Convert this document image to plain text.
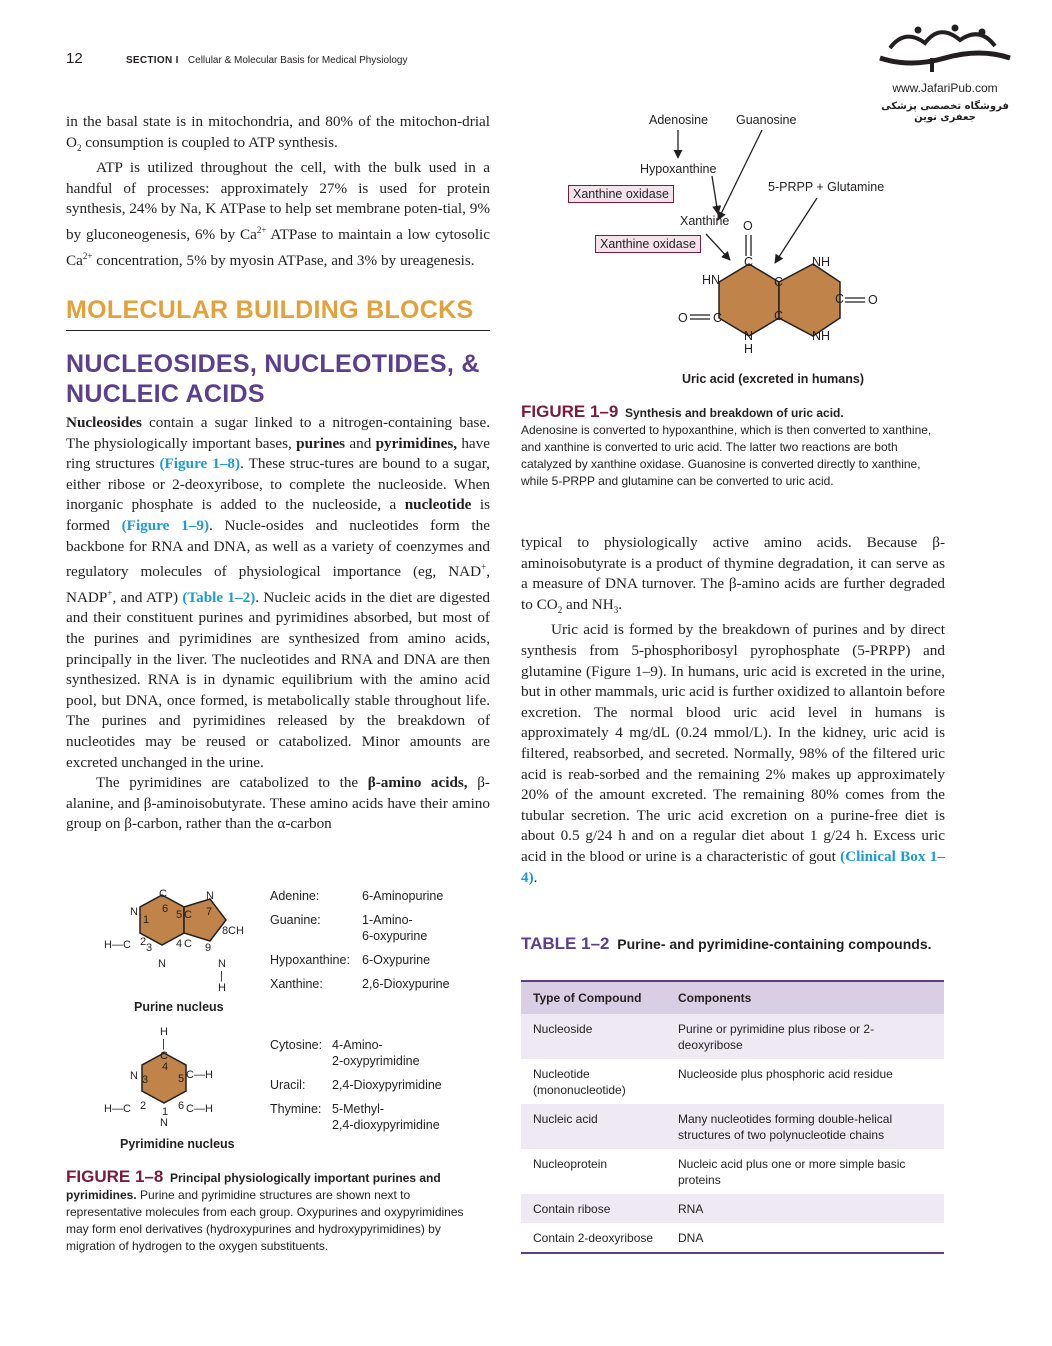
12	SECTION I Cellular & Molecular Basis for Medical Physiology
www.JafariPub.com
فروشگاه تخصصی پزشکی جعفری نوین

in the basal state is in mitochondria, and 80% of the mitochon-drial $O_2$ consumption is coupled to ATP synthesis.

ATP is utilized throughout the cell, with the bulk used in a handful of processes: approximately 27% is used for protein synthesis, 24% by Na, K ATPase to help set membrane poten-tial, 9% by gluconeogenesis, 6% by $Ca^{2+}$ ATPase to maintain a low cytosolic $Ca^{2+}$ concentration, 5% by myosin ATPase, and 3% by ureagenesis.

MOLECULAR BUILDING BLOCKS
NUCLEOSIDES, NUCLEOTIDES, &
NUCLEIC ACIDS

Nucleosides contain a sugar linked to a nitrogen-containing base. The physiologically important bases, purines and pyrimidines, have ring structures (Figure 1–8). These struc-tures are bound to a sugar, either ribose or 2-deoxyribose, to complete the nucleoside. When inorganic phosphate is added to the nucleoside, a nucleotide is formed (Figure 1–9). Nucle-osides and nucleotides form the backbone for RNA and DNA, as well as a variety of coenzymes and regulatory molecules of physiological importance (eg, NAD+, NADP+, and ATP) (Table 1–2). Nucleic acids in the diet are digested and their constituent purines and pyrimidines absorbed, but most of the purines and pyrimidines are synthesized from amino acids, principally in the liver. The nucleotides and RNA and DNA are then synthesized. RNA is in dynamic equilibrium with the amino acid pool, but DNA, once formed, is metabolically stable throughout life. The purines and pyrimidines released by the breakdown of nucleotides may be reused or catabolized. Minor amounts are excreted unchanged in the urine.

The pyrimidines are catabolized to the β-amino acids, β-alanine, and β-aminoisobutyrate. These amino acids have their amino group on β-carbon, rather than the α-carbon

C
N 6 5 C
1
N
7
8 CH
H—C 2 3 4 C 9
N	N
|
H
Purine nucleus
Adenine:	6-Aminopurine
Guanine:	1-Amino-
6-oxypurine
Hypoxanthine: 6-Oxypurine
Xanthine:	2,6-Dioxypurine
H
|
C
4
N 3	5 C—H
H—C 2 1 6 C—H
N
Pyrimidine nucleus
Cytosine: 4-Amino-
2-oxypyrimidine
Uracil:	2,4-Dioxypyrimidine
Thymine: 5-Methyl-
2,4-dioxypyrimidine
FIGURE 1–8 Principal physiologically important purines and pyrimidines. Purine and pyrimidine structures are shown next to representative molecules from each group. Oxypurines and oxypyrimidines may form enol derivatives (hydroxypurines and hydroxypyrimidines) by migration of hydrogen to the oxygen substituents.
O
C
HN	C
NH
C O
O C	C
N
H
NH
Adenosine Guanosine
Hypoxanthine
Xanthine oxidase	5-PRPP + Glutamine
Xanthine
Xanthine oxidase
Uric acid (excreted in humans)
FIGURE 1–9 Synthesis and breakdown of uric acid.
Adenosine is converted to hypoxanthine, which is then converted to xanthine, and xanthine is converted to uric acid. The latter two reactions are both catalyzed by xanthine oxidase. Guanosine is converted directly to xanthine, while 5-PRPP and glutamine can be converted to uric acid.

typical to physiologically active amino acids. Because β-aminoisobutyrate is a product of thymine degradation, it can serve as a measure of DNA turnover. The β-amino acids are further degraded to $CO_2$ and $NH_3$.

Uric acid is formed by the breakdown of purines and by direct synthesis from 5-phosphoribosyl pyrophosphate (5-PRPP) and glutamine (Figure 1–9). In humans, uric acid is excreted in the urine, but in other mammals, uric acid is further oxidized to allantoin before excretion. The normal blood uric acid level in humans is approximately 4 mg/dL (0.24 mmol/L). In the kidney, uric acid is filtered, reabsorbed, and secreted. Normally, 98% of the filtered uric acid is reab-sorbed and the remaining 2% makes up approximately 20% of the amount excreted. The remaining 80% comes from the tubular secretion. The uric acid excretion on a purine-free diet is about 0.5 g/24 h and on a regular diet about 1 g/24 h. Excess uric acid in the blood or urine is a characteristic of gout (Clinical Box 1–4).

TABLE 1–2 Purine- and pyrimidine-containing compounds.
Type of Compound	Components
Nucleoside	Purine or pyrimidine plus ribose or 2-deoxyribose
Nucleotide (mononucleotide)	Nucleoside plus phosphoric acid residue
Nucleic acid	Many nucleotides forming double-helical structures of two polynucleotide chains
Nucleoprotein	Nucleic acid plus one or more simple basic proteins
Contain ribose	RNA
Contain 2-deoxyribose	DNA
